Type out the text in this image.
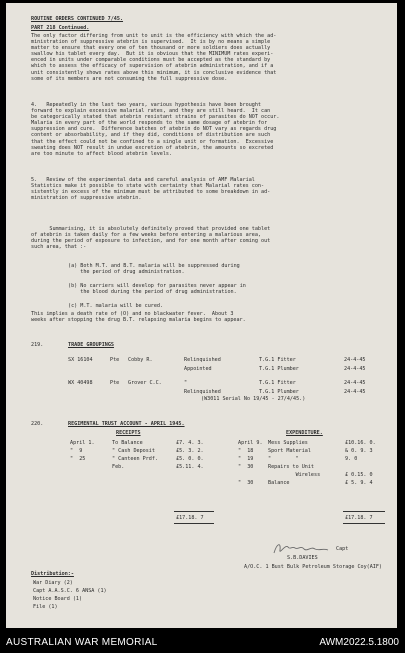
ROUTINE ORDERS CONTINUED 7/45.
PART 218 Continued.
The only factor differing from unit to unit is the efficiency with which the ad-
ministration of suppressive atebrin is supervised.  It is by no means a simple
matter to ensure that every one of ten thousand or more soldiers does actually
swallow his tablet every day.  But it is obvious that the MINIMUM rates experi-
enced in units under comparable conditions must be accepted as the standard by
which to assess the efficacy of supervision of atebrin administration, and if a
unit consistently shows rates above this minimum, it is conclusive evidence that
some of its members are not consuming the full suppressive dose.
4.   Repeatedly in the last two years, various hypothesis have been brought
forward to explain excessive malarial rates, and they are still heard.  It can
be categorically stated that atebrin resistant strains of parasites do NOT occur.
Malaria in every part of the world responds to the same dosage of atebrin for
suppression and cure.  Difference batches of atebrin do NOT vary as regards drug
content or absorbability, and if they did, conditions of distribution are such
that the effect could not be confined to a single unit or formation.  Excessive
sweating does NOT result in undue excretion of atebrin, the amounts so excreted
are too minute to affect blood atebrin levels.
5.   Review of the experimental data and careful analysis of AMF Malarial
Statistics make it possible to state with certainty that Malarial rates con-
sistently in excess of the minimum must be attributed to some breakdown in ad-
ministration of suppressive atebrin.
Summarising, it is absolutely definitely proved that provided one tablet
of atebrin is taken daily for a few weeks before entering a malarious area,
during the period of exposure to infection, and for one month after coming out
such area, that :-
(a) Both M.T. and B.T. malaria will be suppressed during
the period of drug administration.
(b) No carriers will develop for parasites never appear in
the blood during the period of drug administration.
(c) M.T. malaria will be cured.
This implies a death rate of (O) and no blackwater fever.  About 3
weeks after stopping the drug B.T. relapsing malaria begins to appear.
219.	TRADE GROUPINGS
(W3011 Serial No 19/45 - 27/4/45.)
220.	REGIMENTAL TRUST ACCOUNT - APRIL 1945.
RECEIPTS	EXPENDITURE.
£17.18. 7	£17.18. 7
Capt
S.B.DAVIES
A/O.C. 1 Bust Bulk Petroleum Storage Coy(AIF)
Distribution:-
SX 16104	Pte Cobby R.	Relinquished	T.G.1 Fitter	24-4-45
Appointed	T.G.1 Plumber	24-4-45
WX 40498	Pte Grover C.C.	"	T.G.1 Fitter	24-4-45
Relinquished	T.G.1 Plumber	24-4-45
April 1.	To Balance	£7. 4. 3.
"  9	" Cash Deposit	£5. 3. 2.
"  25	" Canteen Prdf.	£5. 0. 0.
Feb.	£5.11. 4.
April 9. Mess Supplies	£10.16. 0.
"  18	Sport Material	& 0. 9. 3
"  19	"        "	9. 0
"  30	Repairs to Unit
Wireless	£ 0.15. 0
"  30	Balance	£ 5. 9. 4
War Diary (2)
Capt A.A.S.C. 6 ANSA (1)
Notice Board (1)
File (1)
AUSTRALIAN WAR MEMORIAL	AWM2022.5.1800
